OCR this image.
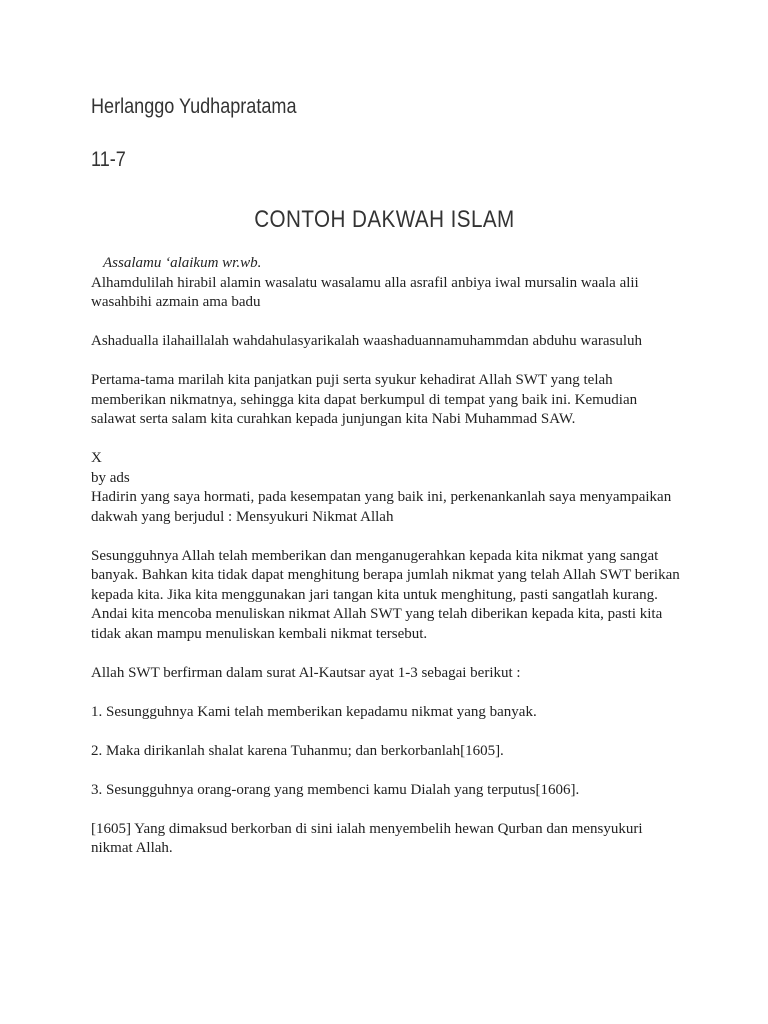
Herlanggo Yudhapratama
11-7
CONTOH DAKWAH ISLAM

Assalamu ‘alaikum wr.wb.

Alhamdulilah hirabil alamin wasalatu wasalamu alla asrafil anbiya iwal mursalin waala alii wasahbihi azmain ama badu

Ashadualla ilahaillalah wahdahulasyarikalah waashaduannamuhammdan abduhu warasuluh

Pertama-tama marilah kita panjatkan puji serta syukur kehadirat Allah SWT yang telah memberikan nikmatnya, sehingga kita dapat berkumpul di tempat yang baik ini. Kemudian salawat serta salam kita curahkan kepada junjungan kita Nabi Muhammad SAW.

X

by ads

Hadirin yang saya hormati, pada kesempatan yang baik ini, perkenankanlah saya menyampaikan dakwah yang berjudul : Mensyukuri Nikmat Allah

Sesungguhnya Allah telah memberikan dan menganugerahkan kepada kita nikmat yang sangat banyak. Bahkan kita tidak dapat menghitung berapa jumlah nikmat yang telah Allah SWT berikan kepada kita. Jika kita menggunakan jari tangan kita untuk menghitung, pasti sangatlah kurang. Andai kita mencoba menuliskan nikmat Allah SWT yang telah diberikan kepada kita, pasti kita tidak akan mampu menuliskan kembali nikmat tersebut.

Allah SWT berfirman dalam surat Al-Kautsar ayat 1-3 sebagai berikut :

1. Sesungguhnya Kami telah memberikan kepadamu nikmat yang banyak.

2. Maka dirikanlah shalat karena Tuhanmu; dan berkorbanlah[1605].

3. Sesungguhnya orang-orang yang membenci kamu Dialah yang terputus[1606].

[1605] Yang dimaksud berkorban di sini ialah menyembelih hewan Qurban dan mensyukuri nikmat Allah.
